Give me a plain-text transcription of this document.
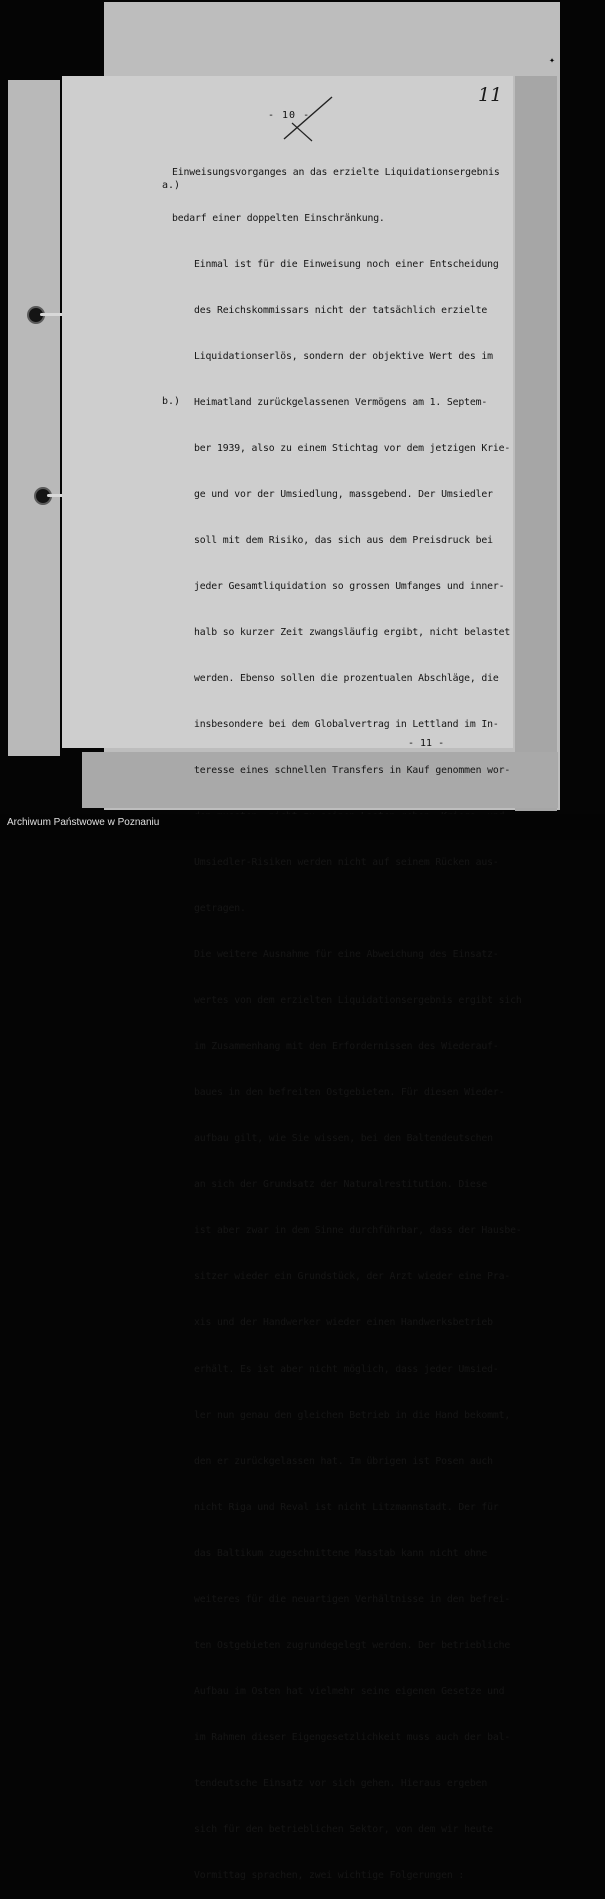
✦
11
- 10 -
a.)
b.)

Einweisungsvorganges an das erzielte Liquidationsergebnis

bedarf einer doppelten Einschränkung.

Einmal ist für die Einweisung noch einer Entscheidung

des Reichskommissars nicht der tatsächlich erzielte

Liquidationserlös, sondern der objektive Wert des im

Heimatland zurückgelassenen Vermögens am 1. Septem-

ber 1939, also zu einem Stichtag vor dem jetzigen Krie-

ge und vor der Umsiedlung, massgebend. Der Umsiedler

soll mit dem Risiko, das sich aus dem Preisdruck bei

jeder Gesamtliquidation so grossen Umfanges und inner-

halb so kurzer Zeit zwangsläufig ergibt, nicht belastet

werden. Ebenso sollen die prozentualen Abschläge, die

insbesondere bei dem Globalvertrag in Lettland im In-

teresse eines schnellen Transfers in Kauf genommen wor-

Umsiedler-Risiken werden nicht auf seinem Rücken aus-

getragen.

Die weitere Ausnahme für eine Abweichung des Einsatz-

wertes von dem erzielten Liquidationsergebnis ergibt sich

im Zusammenhang mit den Erfordernissen des Wiederauf-

baues in den befreiten Ostgebieten. Für diesen Wieder-

aufbau gilt, wie Sie wissen, bei den Baltendeutschen

an sich der Grundsatz der Naturalrestitution. Diese

ist aber zwar in dem Sinne durchführbar, dass der Hausbe-

sitzer wieder ein Grundstück, der Arzt wieder eine Pra-

xis und der Handwerker wieder einen Handwerksbetrieb

erhält. Es ist aber nicht möglich, dass jeder Umsied-

ler nun genau den gleichen Betrieb in die Hand bekommt,

den er zurückgelassen hat. Im übrigen ist Posen auch

nicht Riga und Reval ist nicht Litzmannstadt. Der für

das Baltikum zugeschnittene Masstab kann nicht ohne

weiteres für die neuartigen Verhältnisse in den befrei-

ten Ostgebieten zugrundegelegt werden. Der betriebliche

Aufbau im Osten hat vielmehr seine eigenen Gesetze und

im Rahmen dieser Eigengesetzlichkeit muss auch der bal-

tendeutsche Einsatz vor sich gehen. Hieraus ergeben

sich für den betrieblichen Sektor, von dem wir heute

Vormittag sprachen, zwei wichtige Folgerungen :

- 11 -
Archiwum Państwowe w Poznaniu
